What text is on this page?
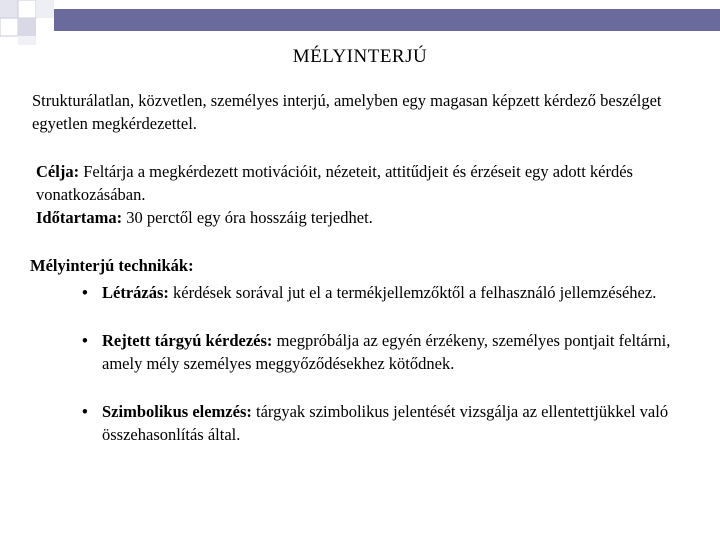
MÉLYINTERJÚ
Strukturálatlan, közvetlen, személyes interjú, amelyben egy magasan képzett kérdező beszélget egyetlen megkérdezettel.
Célja: Feltárja a megkérdezett motivációit, nézeteit, attitűdjeit és érzéseit egy adott kérdés vonatkozásában.
Időtartama: 30 perctől egy óra hosszáig terjedhet.
Mélyinterjú technikák:
• Létrázás: kérdések sorával jut el a termékjellemzőktől a felhasználó jellemzéséhez.
• Rejtett tárgyú kérdezés: megpróbálja az egyén érzékeny, személyes pontjait feltárni, amely mély személyes meggyőződésekhez kötődnek.
• Szimbolikus elemzés: tárgyak szimbolikus jelentését vizsgálja az ellentettjükkel való összehasonlítás által.
